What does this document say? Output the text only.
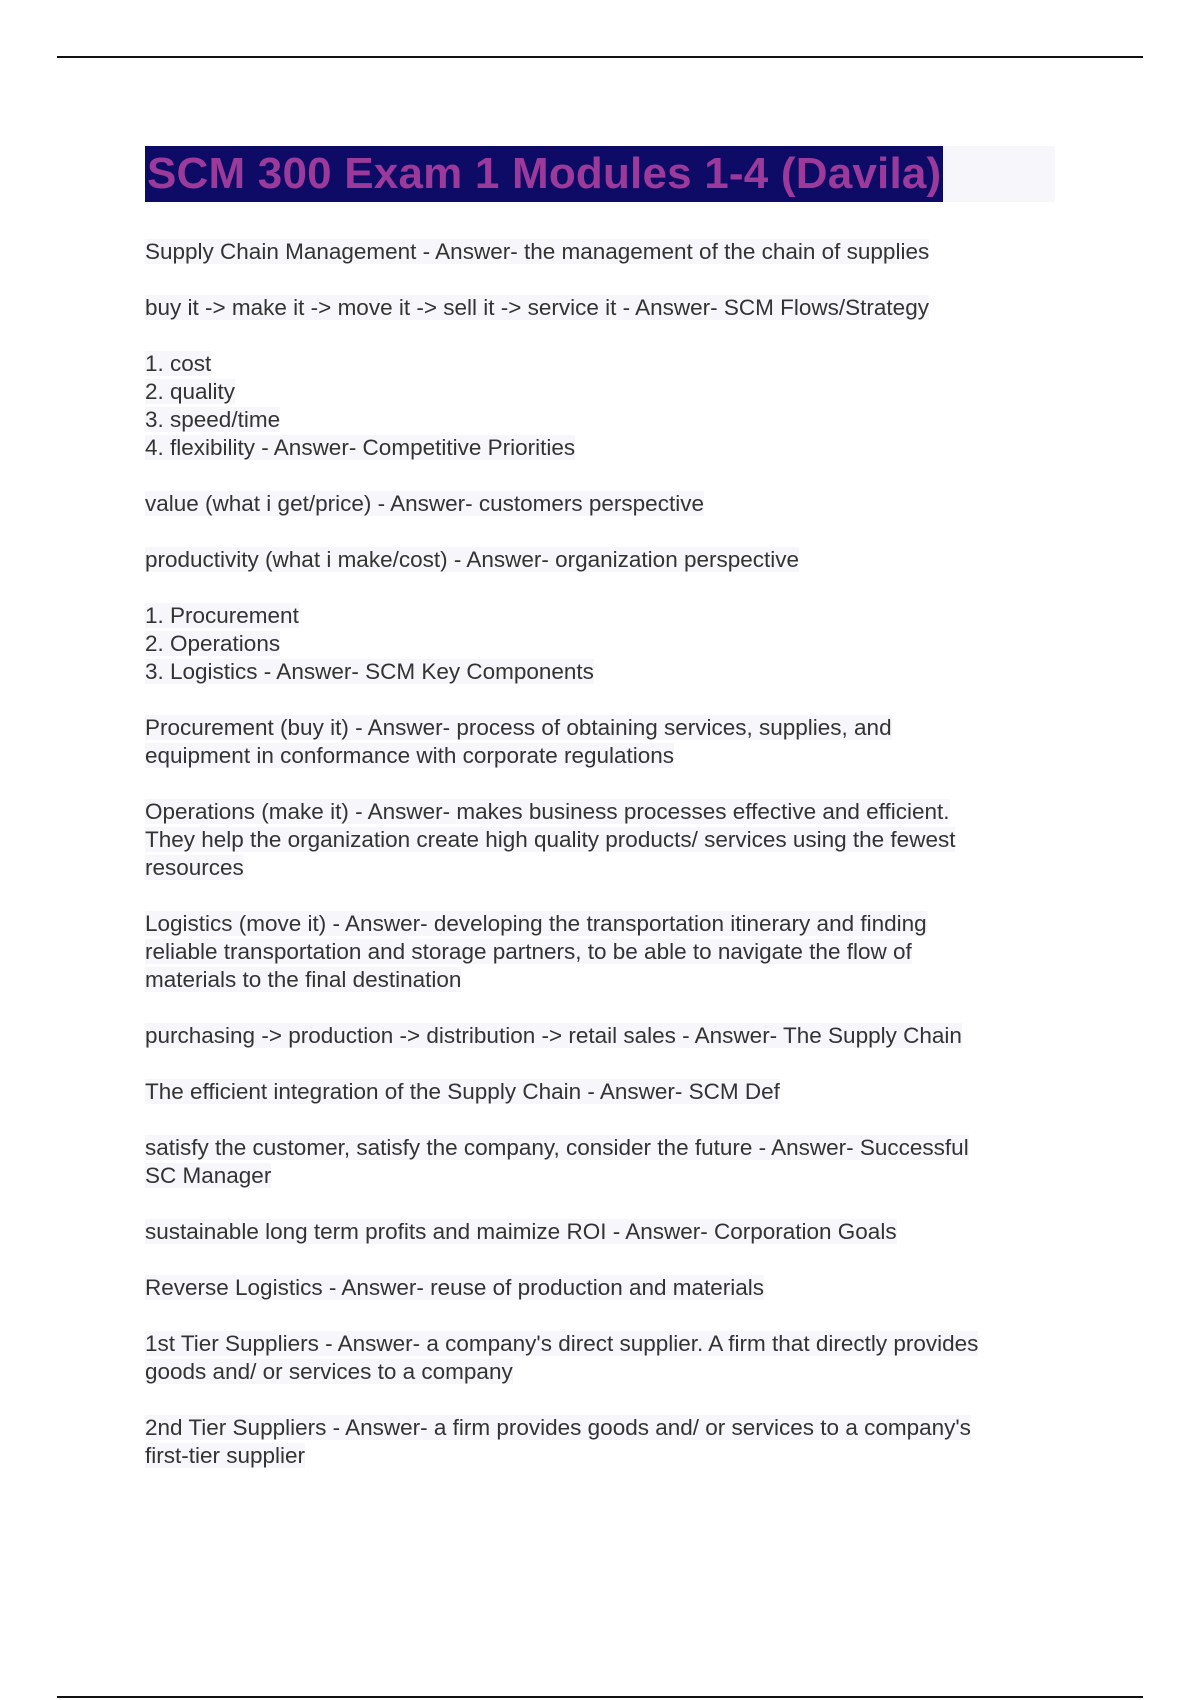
SCM 300 Exam 1 Modules 1-4 (Davila)
Supply Chain Management - Answer- the management of the chain of supplies
buy it -> make it -> move it -> sell it -> service it - Answer- SCM Flows/Strategy
1. cost
2. quality
3. speed/time
4. flexibility - Answer- Competitive Priorities
value (what i get/price) - Answer- customers perspective
productivity (what i make/cost) - Answer- organization perspective
1. Procurement
2. Operations
3. Logistics - Answer- SCM Key Components
Procurement (buy it) - Answer- process of obtaining services, supplies, and
equipment in conformance with corporate regulations
Operations (make it) - Answer- makes business processes effective and efficient.
They help the organization create high quality products/ services using the fewest
resources
Logistics (move it) - Answer- developing the transportation itinerary and finding
reliable transportation and storage partners, to be able to navigate the flow of
materials to the final destination
purchasing -> production -> distribution -> retail sales - Answer- The Supply Chain
The efficient integration of the Supply Chain - Answer- SCM Def
satisfy the customer, satisfy the company, consider the future - Answer- Successful
SC Manager
sustainable long term profits and maimize ROI - Answer- Corporation Goals
Reverse Logistics - Answer- reuse of production and materials
1st Tier Suppliers - Answer- a company's direct supplier. A firm that directly provides
goods and/ or services to a company
2nd Tier Suppliers - Answer- a firm provides goods and/ or services to a company's
first-tier supplier
